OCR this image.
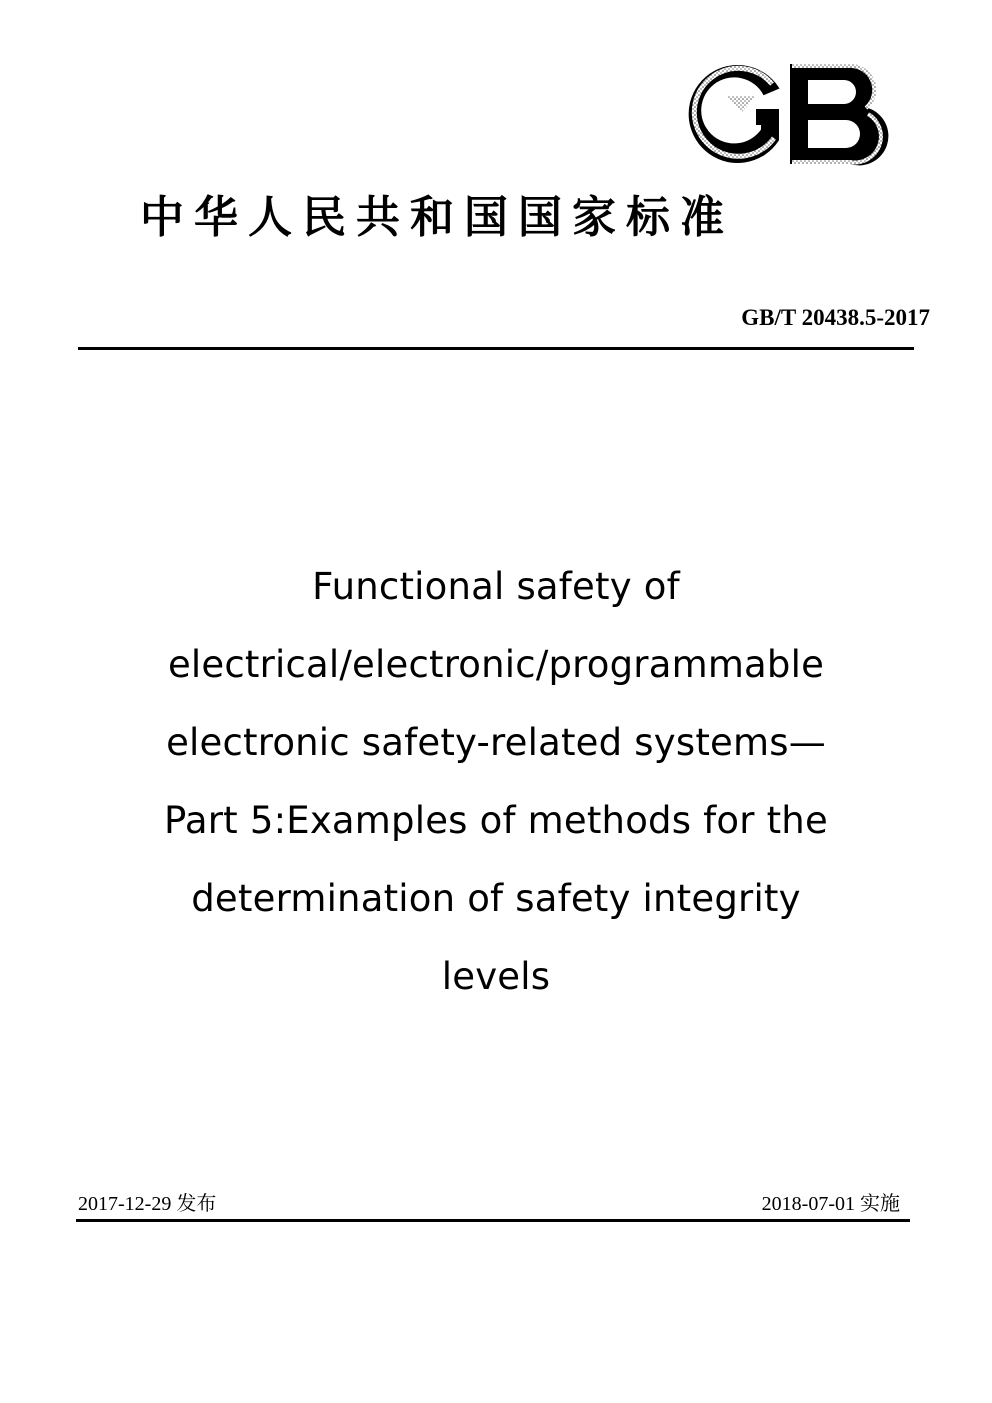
中华人民共和国国家标准
GB/T 20438.5-2017
Functional safety of
electrical/electronic/programmable
electronic safety-related systems—
Part 5:Examples of methods for the
determination of safety integrity
levels
2017-12-29 发布	2018-07-01 实施
